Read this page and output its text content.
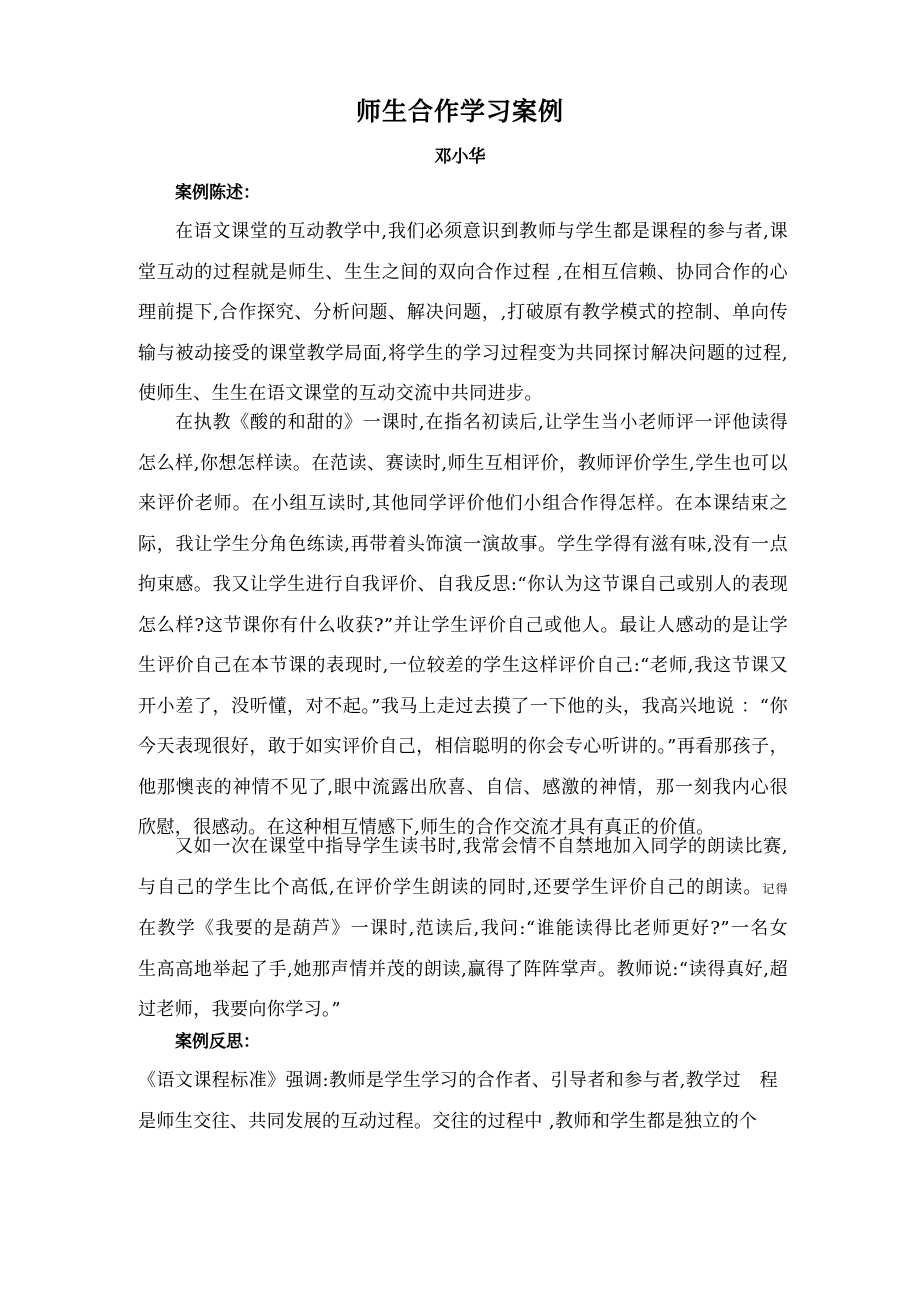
师生合作学习案例
邓小华
案例陈述：

在语文课堂的互动教学中,我们必须意识到教师与学生都是课程的参与者,课堂互动的过程就是师生、生生之间的双向合作过程 ,在相互信赖、协同合作的心理前提下,合作探究、分析问题、解决问题，,打破原有教学模式的控制、单向传输与被动接受的课堂教学局面,将学生的学习过程变为共同探讨解决问题的过程,使师生、生生在语文课堂的互动交流中共同进步。

在执教《酸的和甜的》一课时,在指名初读后,让学生当小老师评一评他读得怎么样,你想怎样读。在范读、赛读时,师生互相评价，教师评价学生,学生也可以来评价老师。在小组互读时,其他同学评价他们小组合作得怎样。在本课结束之际，我让学生分角色练读,再带着头饰演一演故事。学生学得有滋有味,没有一点拘束感。我又让学生进行自我评价、自我反思:“你认为这节课自己或别人的表现怎么样?这节课你有什么收获?”并让学生评价自己或他人。最让人感动的是让学生评价自己在本节课的表现时,一位较差的学生这样评价自己:“老师,我这节课又开小差了，没听懂，对不起。”我马上走过去摸了一下他的头，我高兴地说 ：“你今天表现很好，敢于如实评价自己，相信聪明的你会专心听讲的。”再看那孩子，他那懊丧的神情不见了,眼中流露出欣喜、自信、感激的神情，那一刻我内心很欣慰，很感动。在这种相互情感下,师生的合作交流才具有真正的价值。

又如一次在课堂中指导学生读书时,我常会情不自禁地加入同学的朗读比赛,与自己的学生比个高低,在评价学生朗读的同时,还要学生评价自己的朗读。记得 在教学《我要的是葫芦》一课时,范读后,我问:“谁能读得比老师更好?”一名女　生高高地举起了手,她那声情并茂的朗读,赢得了阵阵掌声。教师说:“读得真好,超过老师，我要向你学习。”

案例反思：

《语文课程标准》强调:教师是学生学习的合作者、引导者和参与者,教学过　程是师生交往、共同发展的互动过程。交往的过程中 ,教师和学生都是独立的个
